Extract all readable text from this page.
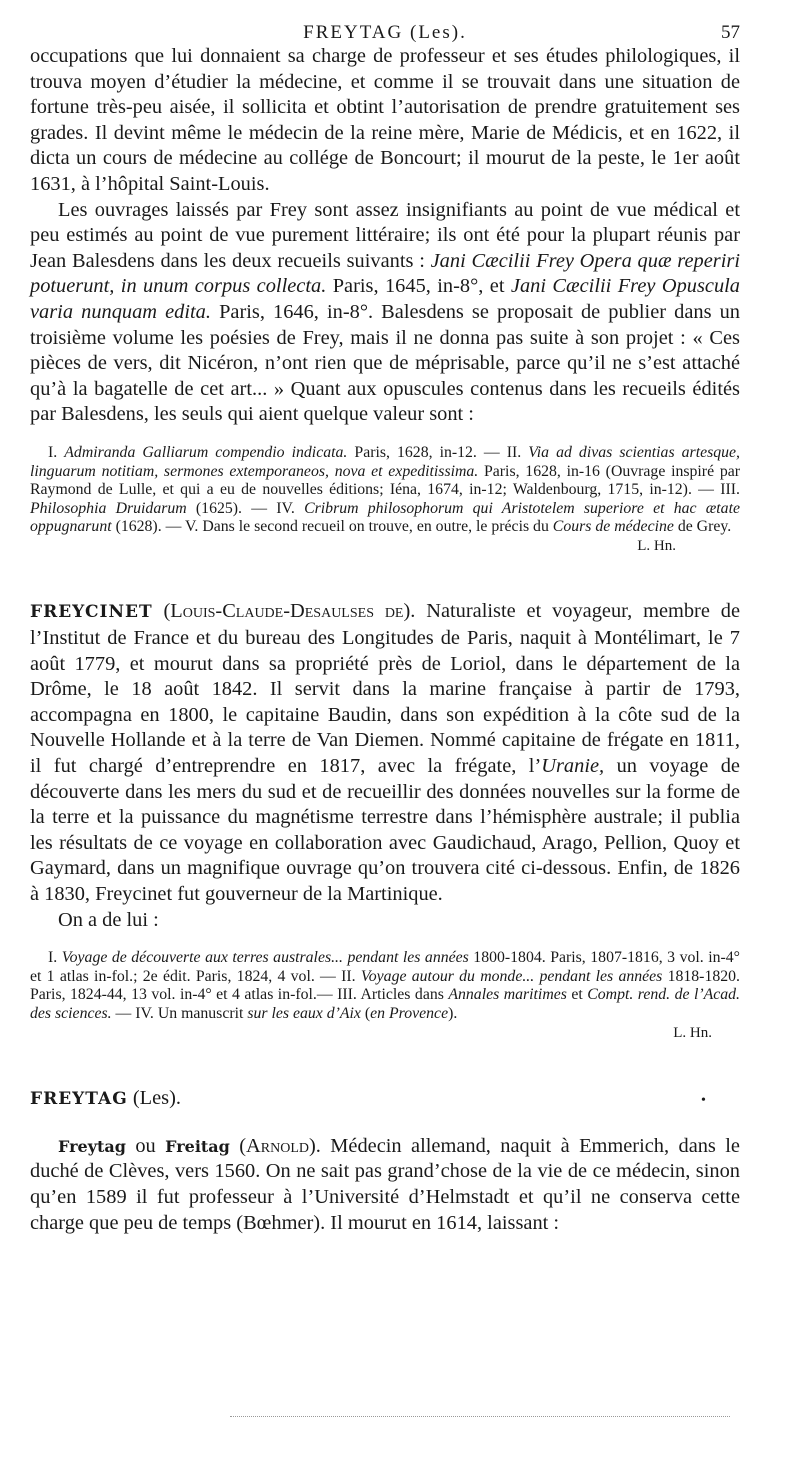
FREYTAG (Les).	57

occupations que lui donnaient sa charge de professeur et ses études philologiques, il trouva moyen d’étudier la médecine, et comme il se trouvait dans une situation de fortune très-peu aisée, il sollicita et obtint l’autorisation de prendre gratuitement ses grades. Il devint même le médecin de la reine mère, Marie de Médicis, et en 1622, il dicta un cours de médecine au collége de Boncourt; il mourut de la peste, le 1er août 1631, à l’hôpital Saint-Louis.

Les ouvrages laissés par Frey sont assez insignifiants au point de vue médical et peu estimés au point de vue purement littéraire; ils ont été pour la plupart réunis par Jean Balesdens dans les deux recueils suivants : Jani Cæcilii Frey Opera quæ reperiri potuerunt, in unum corpus collecta. Paris, 1645, in-8°, et Jani Cæcilii Frey Opuscula varia nunquam edita. Paris, 1646, in-8°. Balesdens se proposait de publier dans un troisième volume les poésies de Frey, mais il ne donna pas suite à son projet : « Ces pièces de vers, dit Nicéron, n’ont rien que de méprisable, parce qu’il ne s’est attaché qu’à la bagatelle de cet art... » Quant aux opuscules contenus dans les recueils édités par Balesdens, les seuls qui aient quelque valeur sont :

I. Admiranda Galliarum compendio indicata. Paris, 1628, in-12. — II. Via ad divas scientias artesque, linguarum notitiam, sermones extemporaneos, nova et expeditissima. Paris, 1628, in-16 (Ouvrage inspiré par Raymond de Lulle, et qui a eu de nouvelles éditions; Iéna, 1674, in-12; Waldenbourg, 1715, in-12). — III. Philosophia Druidarum (1625). — IV. Cribrum philosophorum qui Aristotelem superiore et hac ætate oppugnarunt (1628). — V. Dans le second recueil on trouve, en outre, le précis du Cours de médecine de Grey.

L. Hn.

FREYCINET (Louis-Claude-Desaulses de). Naturaliste et voyageur, membre de l’Institut de France et du bureau des Longitudes de Paris, naquit à Montélimart, le 7 août 1779, et mourut dans sa propriété près de Loriol, dans le département de la Drôme, le 18 août 1842. Il servit dans la marine française à partir de 1793, accompagna en 1800, le capitaine Baudin, dans son expédition à la côte sud de la Nouvelle Hollande et à la terre de Van Diemen. Nommé capitaine de frégate en 1811, il fut chargé d’entreprendre en 1817, avec la frégate, l’Uranie, un voyage de découverte dans les mers du sud et de recueillir des données nouvelles sur la forme de la terre et la puissance du magnétisme terrestre dans l’hémisphère australe; il publia les résultats de ce voyage en collaboration avec Gaudichaud, Arago, Pellion, Quoy et Gaymard, dans un magnifique ouvrage qu’on trouvera cité ci-dessous. Enfin, de 1826 à 1830, Freycinet fut gouverneur de la Martinique.

On a de lui :

I. Voyage de découverte aux terres australes... pendant les années 1800-1804. Paris, 1807-1816, 3 vol. in-4° et 1 atlas in-fol.; 2e édit. Paris, 1824, 4 vol. — II. Voyage autour du monde... pendant les années 1818-1820. Paris, 1824-44, 13 vol. in-4° et 4 atlas in-fol.— III. Articles dans Annales maritimes et Compt. rend. de l’Acad. des sciences. — IV. Un manuscrit sur les eaux d’Aix (en Provence).

L. Hn.

FREYTAG (Les).	•

Freytag ou Freitag (Arnold). Médecin allemand, naquit à Emmerich, dans le duché de Clèves, vers 1560. On ne sait pas grand’chose de la vie de ce médecin, sinon qu’en 1589 il fut professeur à l’Université d’Helmstadt et qu’il ne conserva cette charge que peu de temps (Bœhmer). Il mourut en 1614, laissant :
